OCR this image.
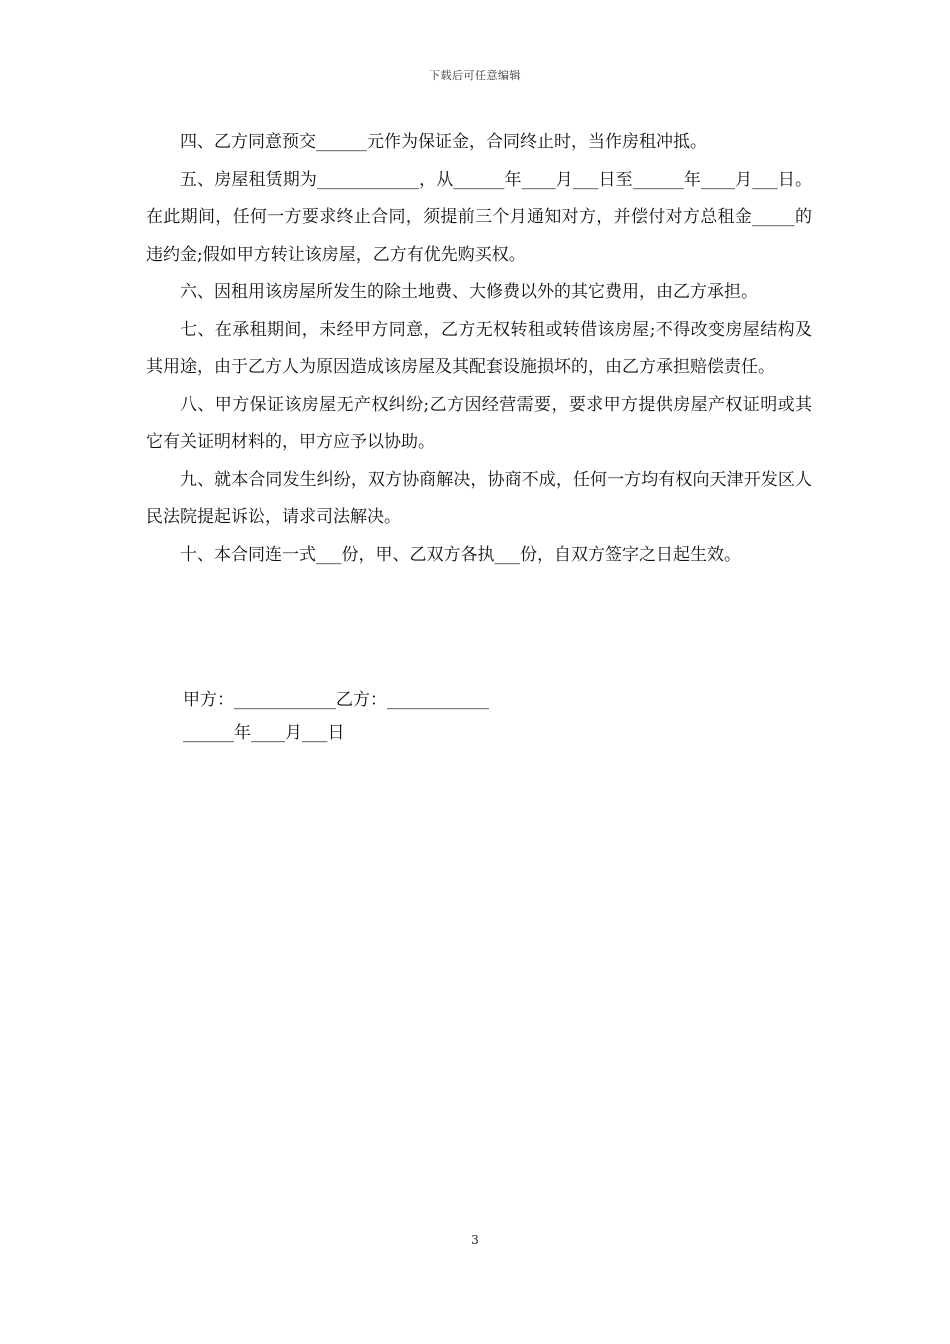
下载后可任意编辑

四、乙方同意预交______元作为保证金，合同终止时，当作房租冲抵。

五、房屋租赁期为____________，从______年____月___日至______年____月___日。在此期间，任何一方要求终止合同，须提前三个月通知对方，并偿付对方总租金_____的违约金;假如甲方转让该房屋，乙方有优先购买权。

六、因租用该房屋所发生的除土地费、大修费以外的其它费用，由乙方承担。

七、在承租期间，未经甲方同意，乙方无权转租或转借该房屋;不得改变房屋结构及其用途，由于乙方人为原因造成该房屋及其配套设施损坏的，由乙方承担赔偿责任。

八、甲方保证该房屋无产权纠纷;乙方因经营需要，要求甲方提供房屋产权证明或其它有关证明材料的，甲方应予以协助。

九、就本合同发生纠纷，双方协商解决，协商不成，任何一方均有权向天津开发区人民法院提起诉讼，请求司法解决。

十、本合同连一式___份，甲、乙双方各执___份，自双方签字之日起生效。

甲方：____________乙方：____________

______年____月___日

3
